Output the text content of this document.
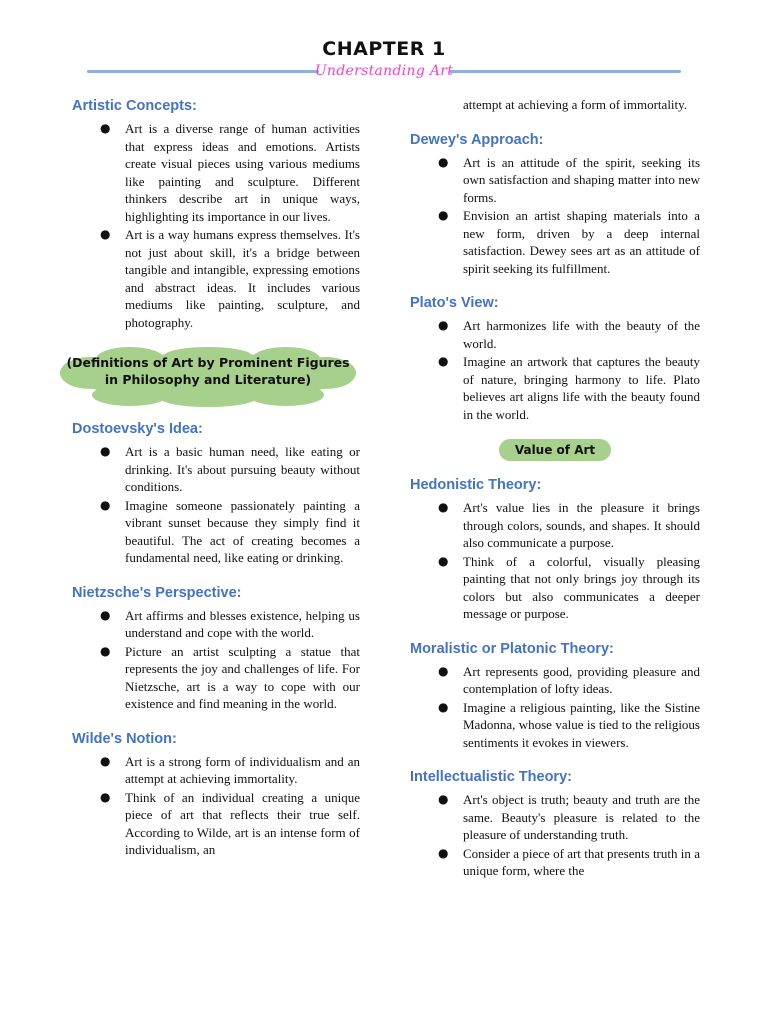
CHAPTER 1
Understanding Art
Artistic Concepts:
● Art is a diverse range of human activities that express ideas and emotions. Artists create visual pieces using various mediums like painting and sculpture. Different thinkers describe art in unique ways, highlighting its importance in our lives.
● Art is a way humans express themselves. It's not just about skill, it's a bridge between tangible and intangible, expressing emotions and abstract ideas. It includes various mediums like painting, sculpture, and photography.
(Definitions of Art by Prominent Figures in Philosophy and Literature)
Dostoevsky's Idea:
● Art is a basic human need, like eating or drinking. It's about pursuing beauty without conditions.
● Imagine someone passionately painting a vibrant sunset because they simply find it beautiful. The act of creating becomes a fundamental need, like eating or drinking.
Nietzsche's Perspective:
● Art affirms and blesses existence, helping us understand and cope with the world.
● Picture an artist sculpting a statue that represents the joy and challenges of life. For Nietzsche, art is a way to cope with our existence and find meaning in the world.
Wilde's Notion:
● Art is a strong form of individualism and an attempt at achieving immortality.
● Think of an individual creating a unique piece of art that reflects their true self. According to Wilde, art is an intense form of individualism, an

attempt at achieving a form of immortality.

Dewey's Approach:
● Art is an attitude of the spirit, seeking its own satisfaction and shaping matter into new forms.
● Envision an artist shaping materials into a new form, driven by a deep internal satisfaction. Dewey sees art as an attitude of spirit seeking its fulfillment.
Plato's View:
● Art harmonizes life with the beauty of the world.
● Imagine an artwork that captures the beauty of nature, bringing harmony to life. Plato believes art aligns life with the beauty found in the world.
Value of Art
Hedonistic Theory:
● Art's value lies in the pleasure it brings through colors, sounds, and shapes. It should also communicate a purpose.
● Think of a colorful, visually pleasing painting that not only brings joy through its colors but also communicates a deeper message or purpose.
Moralistic or Platonic Theory:
● Art represents good, providing pleasure and contemplation of lofty ideas.
● Imagine a religious painting, like the Sistine Madonna, whose value is tied to the religious sentiments it evokes in viewers.
Intellectualistic Theory:
● Art's object is truth; beauty and truth are the same. Beauty's pleasure is related to the pleasure of understanding truth.
● Consider a piece of art that presents truth in a unique form, where the
